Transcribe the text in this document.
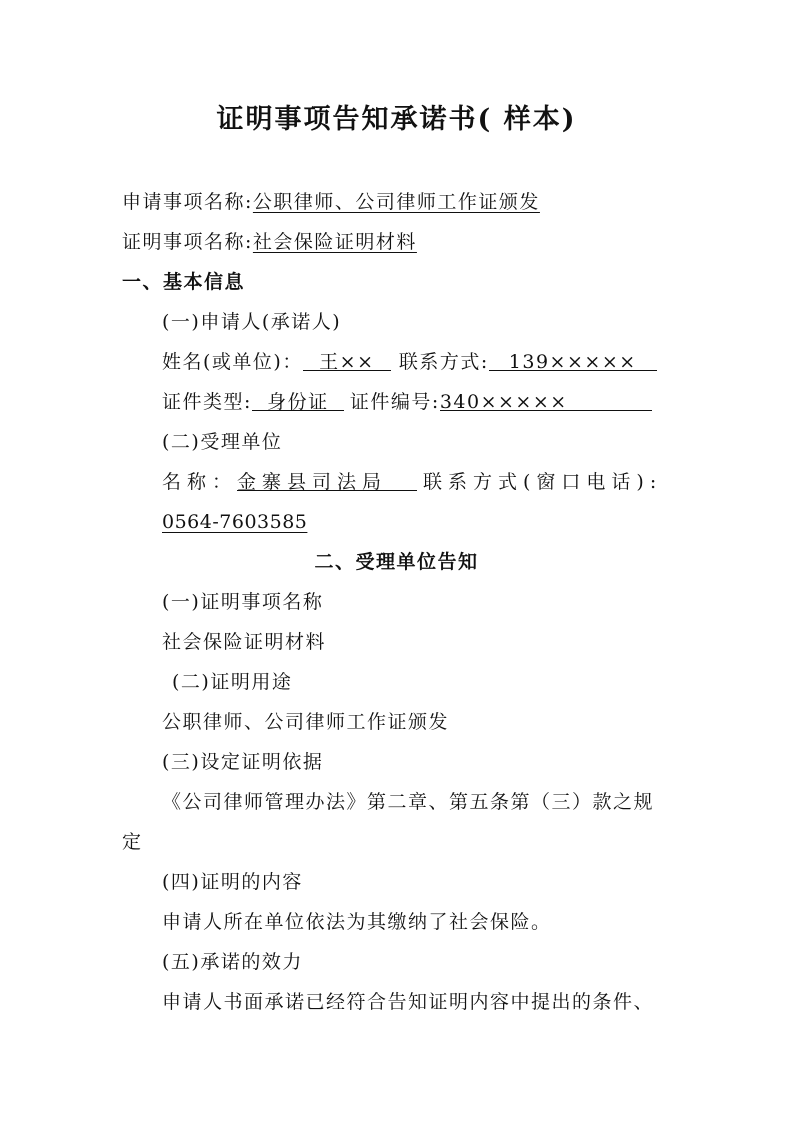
证明事项告知承诺书( 样本)
申请事项名称:公职律师、公司律师工作证颁发
证明事项名称:社会保险证明材料
一、基本信息
(一)申请人(承诺人)
姓名(或单位)： 王×× 联系方式: 139×××××
证件类型: 身份证 证件编号:340×××××
(二)受理单位
名称：金寨县司法局 联系方式(窗口电话):
0564-7603585
二、受理单位告知
(一)证明事项名称
社会保险证明材料
(二)证明用途
公职律师、公司律师工作证颁发
(三)设定证明依据
《公司律师管理办法》第二章、第五条第（三）款之规
定
(四)证明的内容
申请人所在单位依法为其缴纳了社会保险。
(五)承诺的效力
申请人书面承诺已经符合告知证明内容中提出的条件、
